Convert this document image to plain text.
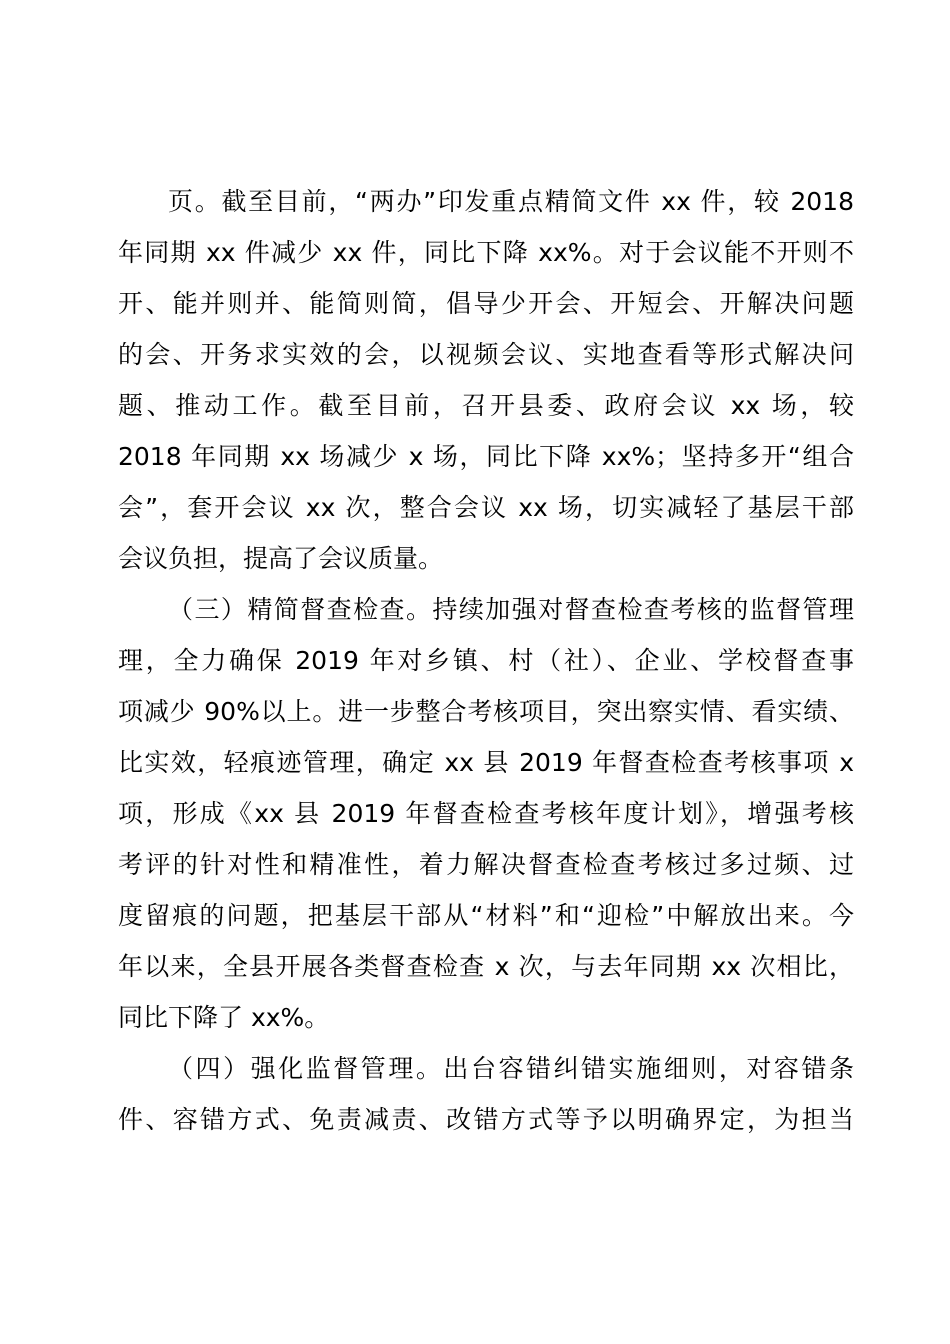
页。截至目前，“两办”印发重点精简文件 xx 件，较 2018
年同期 xx 件减少 xx 件，同比下降 xx%。对于会议能不开则不
开、能并则并、能简则简，倡导少开会、开短会、开解决问题
的会、开务求实效的会，以视频会议、实地查看等形式解决问
题、推动工作。截至目前，召开县委、政府会议 xx 场，较
2018 年同期 xx 场减少 x 场，同比下降 xx%；坚持多开“组合
会”，套开会议 xx 次，整合会议 xx 场，切实减轻了基层干部
会议负担，提高了会议质量。
（三）精简督查检查。持续加强对督查检查考核的监督管理
理，全力确保 2019 年对乡镇、村（社）、企业、学校督查事
项减少 90%以上。进一步整合考核项目，突出察实情、看实绩、
比实效，轻痕迹管理，确定 xx 县 2019 年督查检查考核事项 x
项，形成《xx 县 2019 年督查检查考核年度计划》，增强考核
考评的针对性和精准性，着力解决督查检查考核过多过频、过
度留痕的问题，把基层干部从“材料”和“迎检”中解放出来。今
年以来，全县开展各类督查检查 x 次，与去年同期 xx 次相比，
同比下降了 xx%。
（四）强化监督管理。出台容错纠错实施细则，对容错条
件、容错方式、免责减责、改错方式等予以明确界定，为担当
